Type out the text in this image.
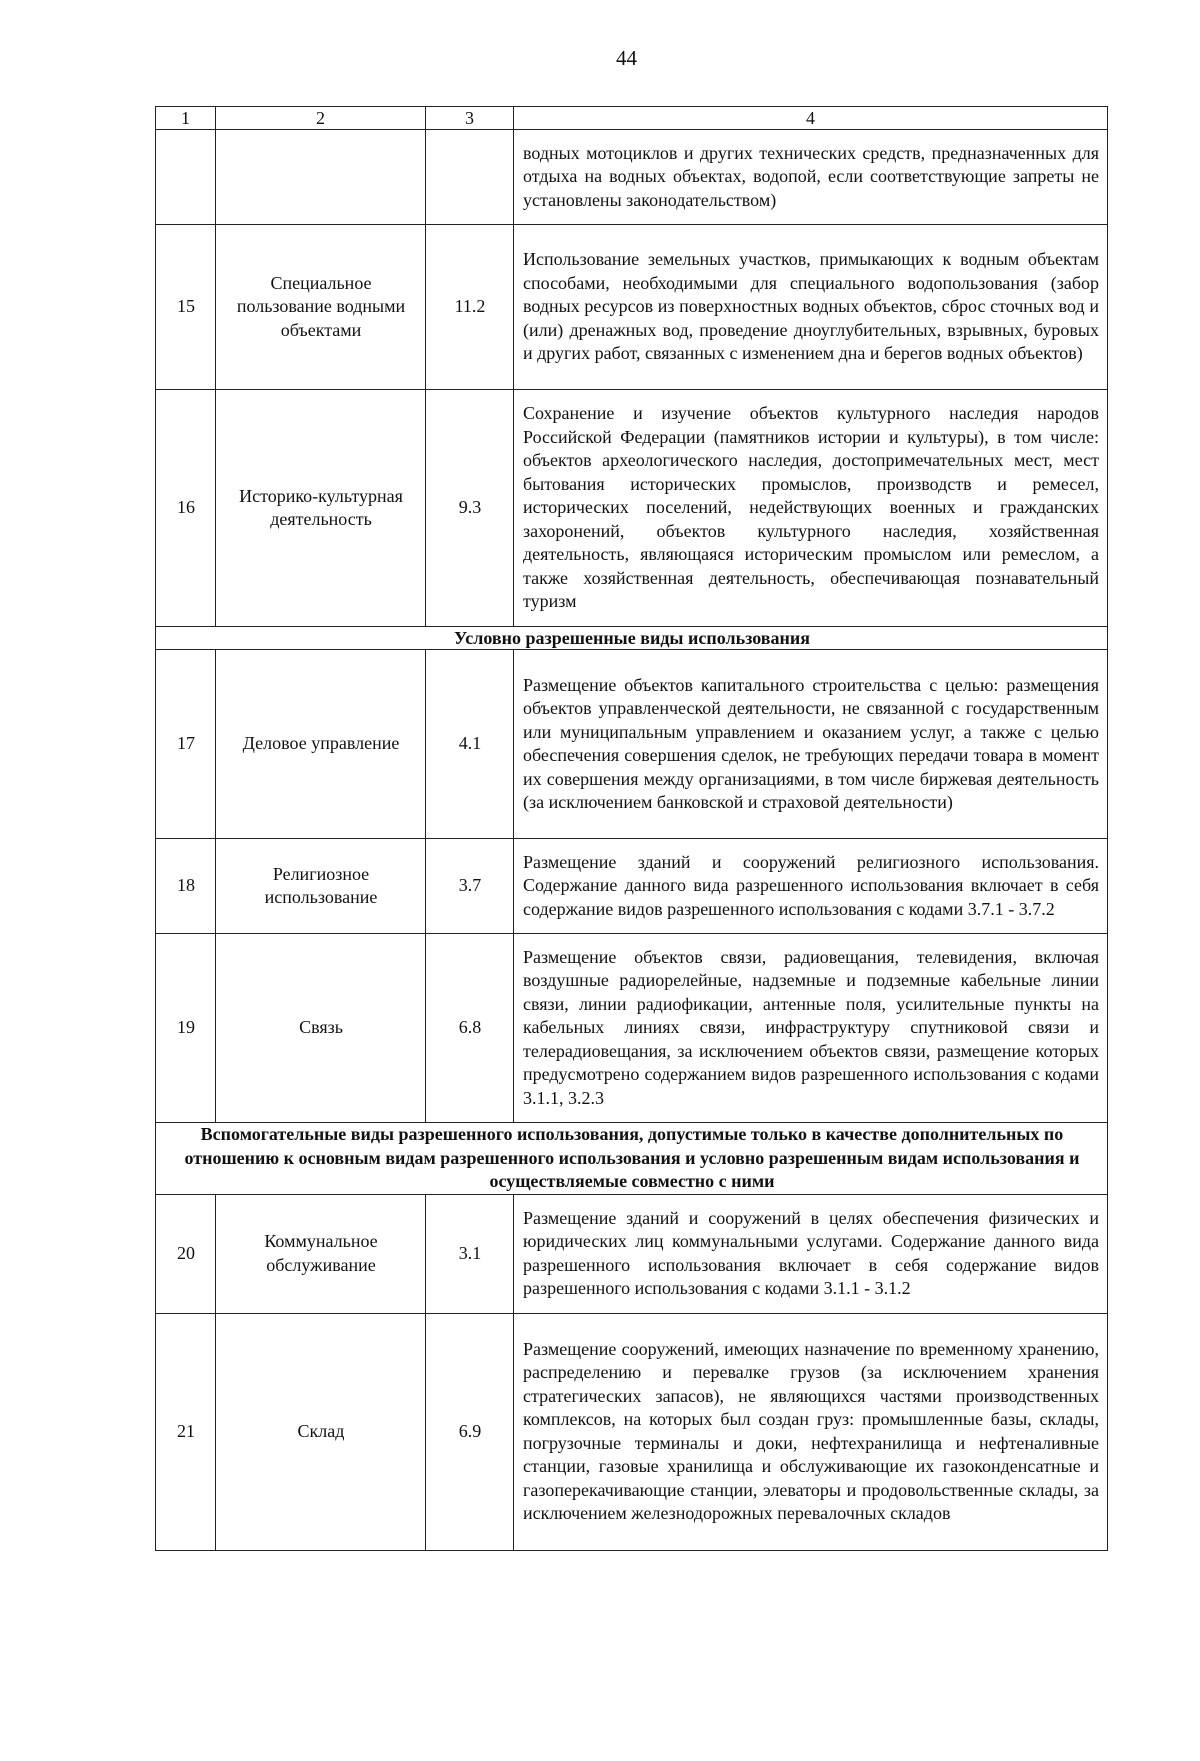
44
1	2	3	4
			водных мотоциклов и других технических средств, предназначенных для отдыха на водных объектах, водопой, если соответствующие запреты не установлены законодательством)
15	Специальное пользование водными объектами	11.2	Использование земельных участков, примыкающих к водным объектам способами, необходимыми для специального водопользования (забор водных ресурсов из поверхностных водных объектов, сброс сточных вод и (или) дренажных вод, проведение дноуглубительных, взрывных, буровых и других работ, связанных с изменением дна и берегов водных объектов)
16	Историко-культурная деятельность	9.3	Сохранение и изучение объектов культурного наследия народов Российской Федерации (памятников истории и культуры), в том числе: объектов археологического наследия, достопримечательных мест, мест бытования исторических промыслов, производств и ремесел, исторических поселений, недействующих военных и гражданских захоронений, объектов культурного наследия, хозяйственная деятельность, являющаяся историческим промыслом или ремеслом, а также хозяйственная деятельность, обеспечивающая познавательный туризм
Условно разрешенные виды использования			
17	Деловое управление	4.1	Размещение объектов капитального строительства с целью: размещения объектов управленческой деятельности, не связанной с государственным или муниципальным управлением и оказанием услуг, а также с целью обеспечения совершения сделок, не требующих передачи товара в момент их совершения между организациями, в том числе биржевая деятельность (за исключением банковской и страховой деятельности)
18	Религиозное использование	3.7	Размещение зданий и сооружений религиозного использования. Содержание данного вида разрешенного использования включает в себя содержание видов разрешенного использования с кодами 3.7.1 - 3.7.2
19	Связь	6.8	Размещение объектов связи, радиовещания, телевидения, включая воздушные радиорелейные, надземные и подземные кабельные линии связи, линии радиофикации, антенные поля, усилительные пункты на кабельных линиях связи, инфраструктуру спутниковой связи и телерадиовещания, за исключением объектов связи, размещение которых предусмотрено содержанием видов разрешенного использования с кодами 3.1.1, 3.2.3
Вспомогательные виды разрешенного использования, допустимые только в качестве дополнительных по отношению к основным видам разрешенного использования и условно разрешенным видам использования и осуществляемые совместно с ними			
20	Коммунальное обслуживание	3.1	Размещение зданий и сооружений в целях обеспечения физических и юридических лиц коммунальными услугами. Содержание данного вида разрешенного использования включает в себя содержание видов разрешенного использования с кодами 3.1.1 - 3.1.2
21	Склад	6.9	Размещение сооружений, имеющих назначение по временному хранению, распределению и перевалке грузов (за исключением хранения стратегических запасов), не являющихся частями производственных комплексов, на которых был создан груз: промышленные базы, склады, погрузочные терминалы и доки, нефтехранилища и нефтеналивные станции, газовые хранилища и обслуживающие их газоконденсатные и газоперекачивающие станции, элеваторы и продовольственные склады, за исключением железнодорожных перевалочных складов
